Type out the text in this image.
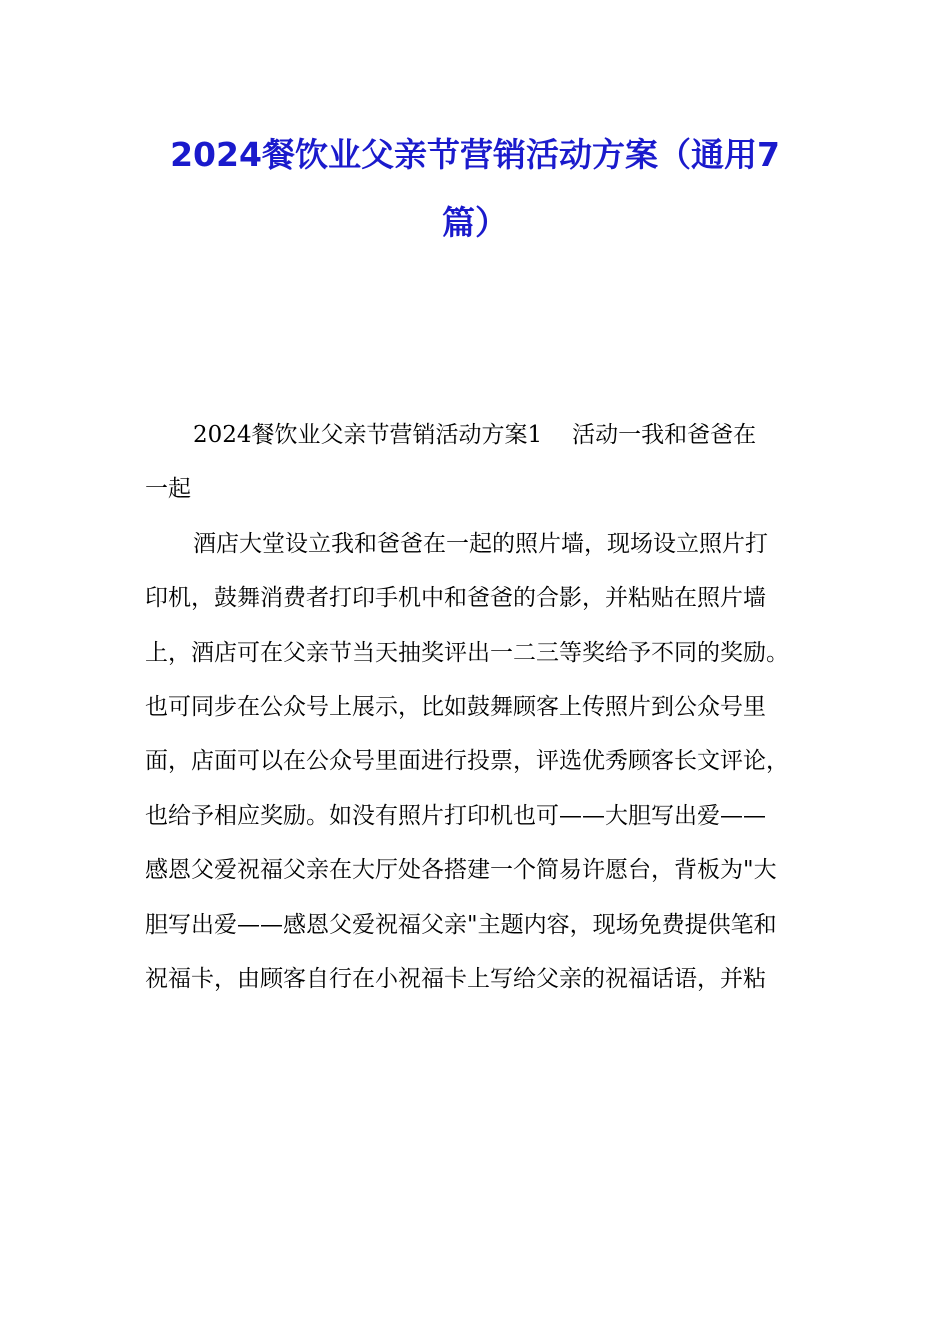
2024餐饮业父亲节营销活动方案（通用7
篇）
2024餐饮业父亲节营销活动方案1 活动一我和爸爸在
一起
酒店大堂设立我和爸爸在一起的照片墙，现场设立照片打
印机，鼓舞消费者打印手机中和爸爸的合影，并粘贴在照片墙
上，酒店可在父亲节当天抽奖评出一二三等奖给予不同的奖励。
也可同步在公众号上展示，比如鼓舞顾客上传照片到公众号里
面，店面可以在公众号里面进行投票，评选优秀顾客长文评论，
也给予相应奖励。如没有照片打印机也可——大胆写出爱——
感恩父爱祝福父亲在大厅处各搭建一个简易许愿台，背板为"大
胆写出爱——感恩父爱祝福父亲"主题内容，现场免费提供笔和
祝福卡，由顾客自行在小祝福卡上写给父亲的祝福话语，并粘
